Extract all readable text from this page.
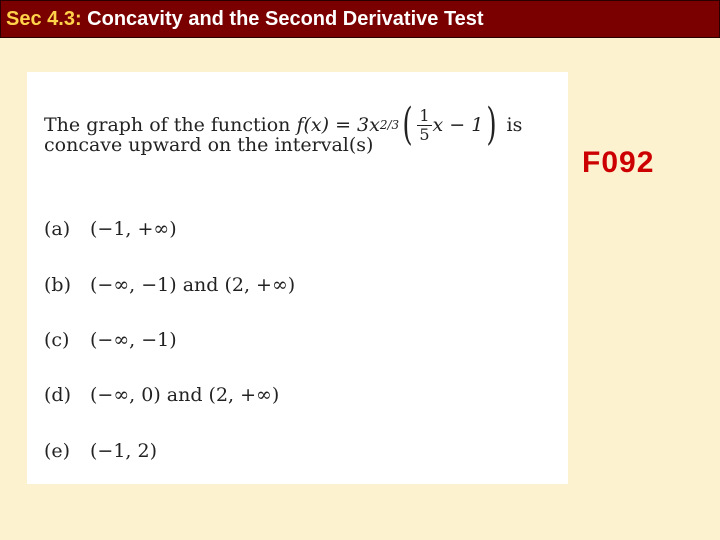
Sec 4.3: Concavity and the Second Derivative Test
F092
The graph of the function
f(x) = 3x 2/3 ( $\frac{1}{5}$ x − 1 )
is
concave upward on the interval(s)
(a) (−1, +∞)
(b) (−∞, −1) and (2, +∞)
(c) (−∞, −1)
(d) (−∞, 0) and (2, +∞)
(e) (−1, 2)
